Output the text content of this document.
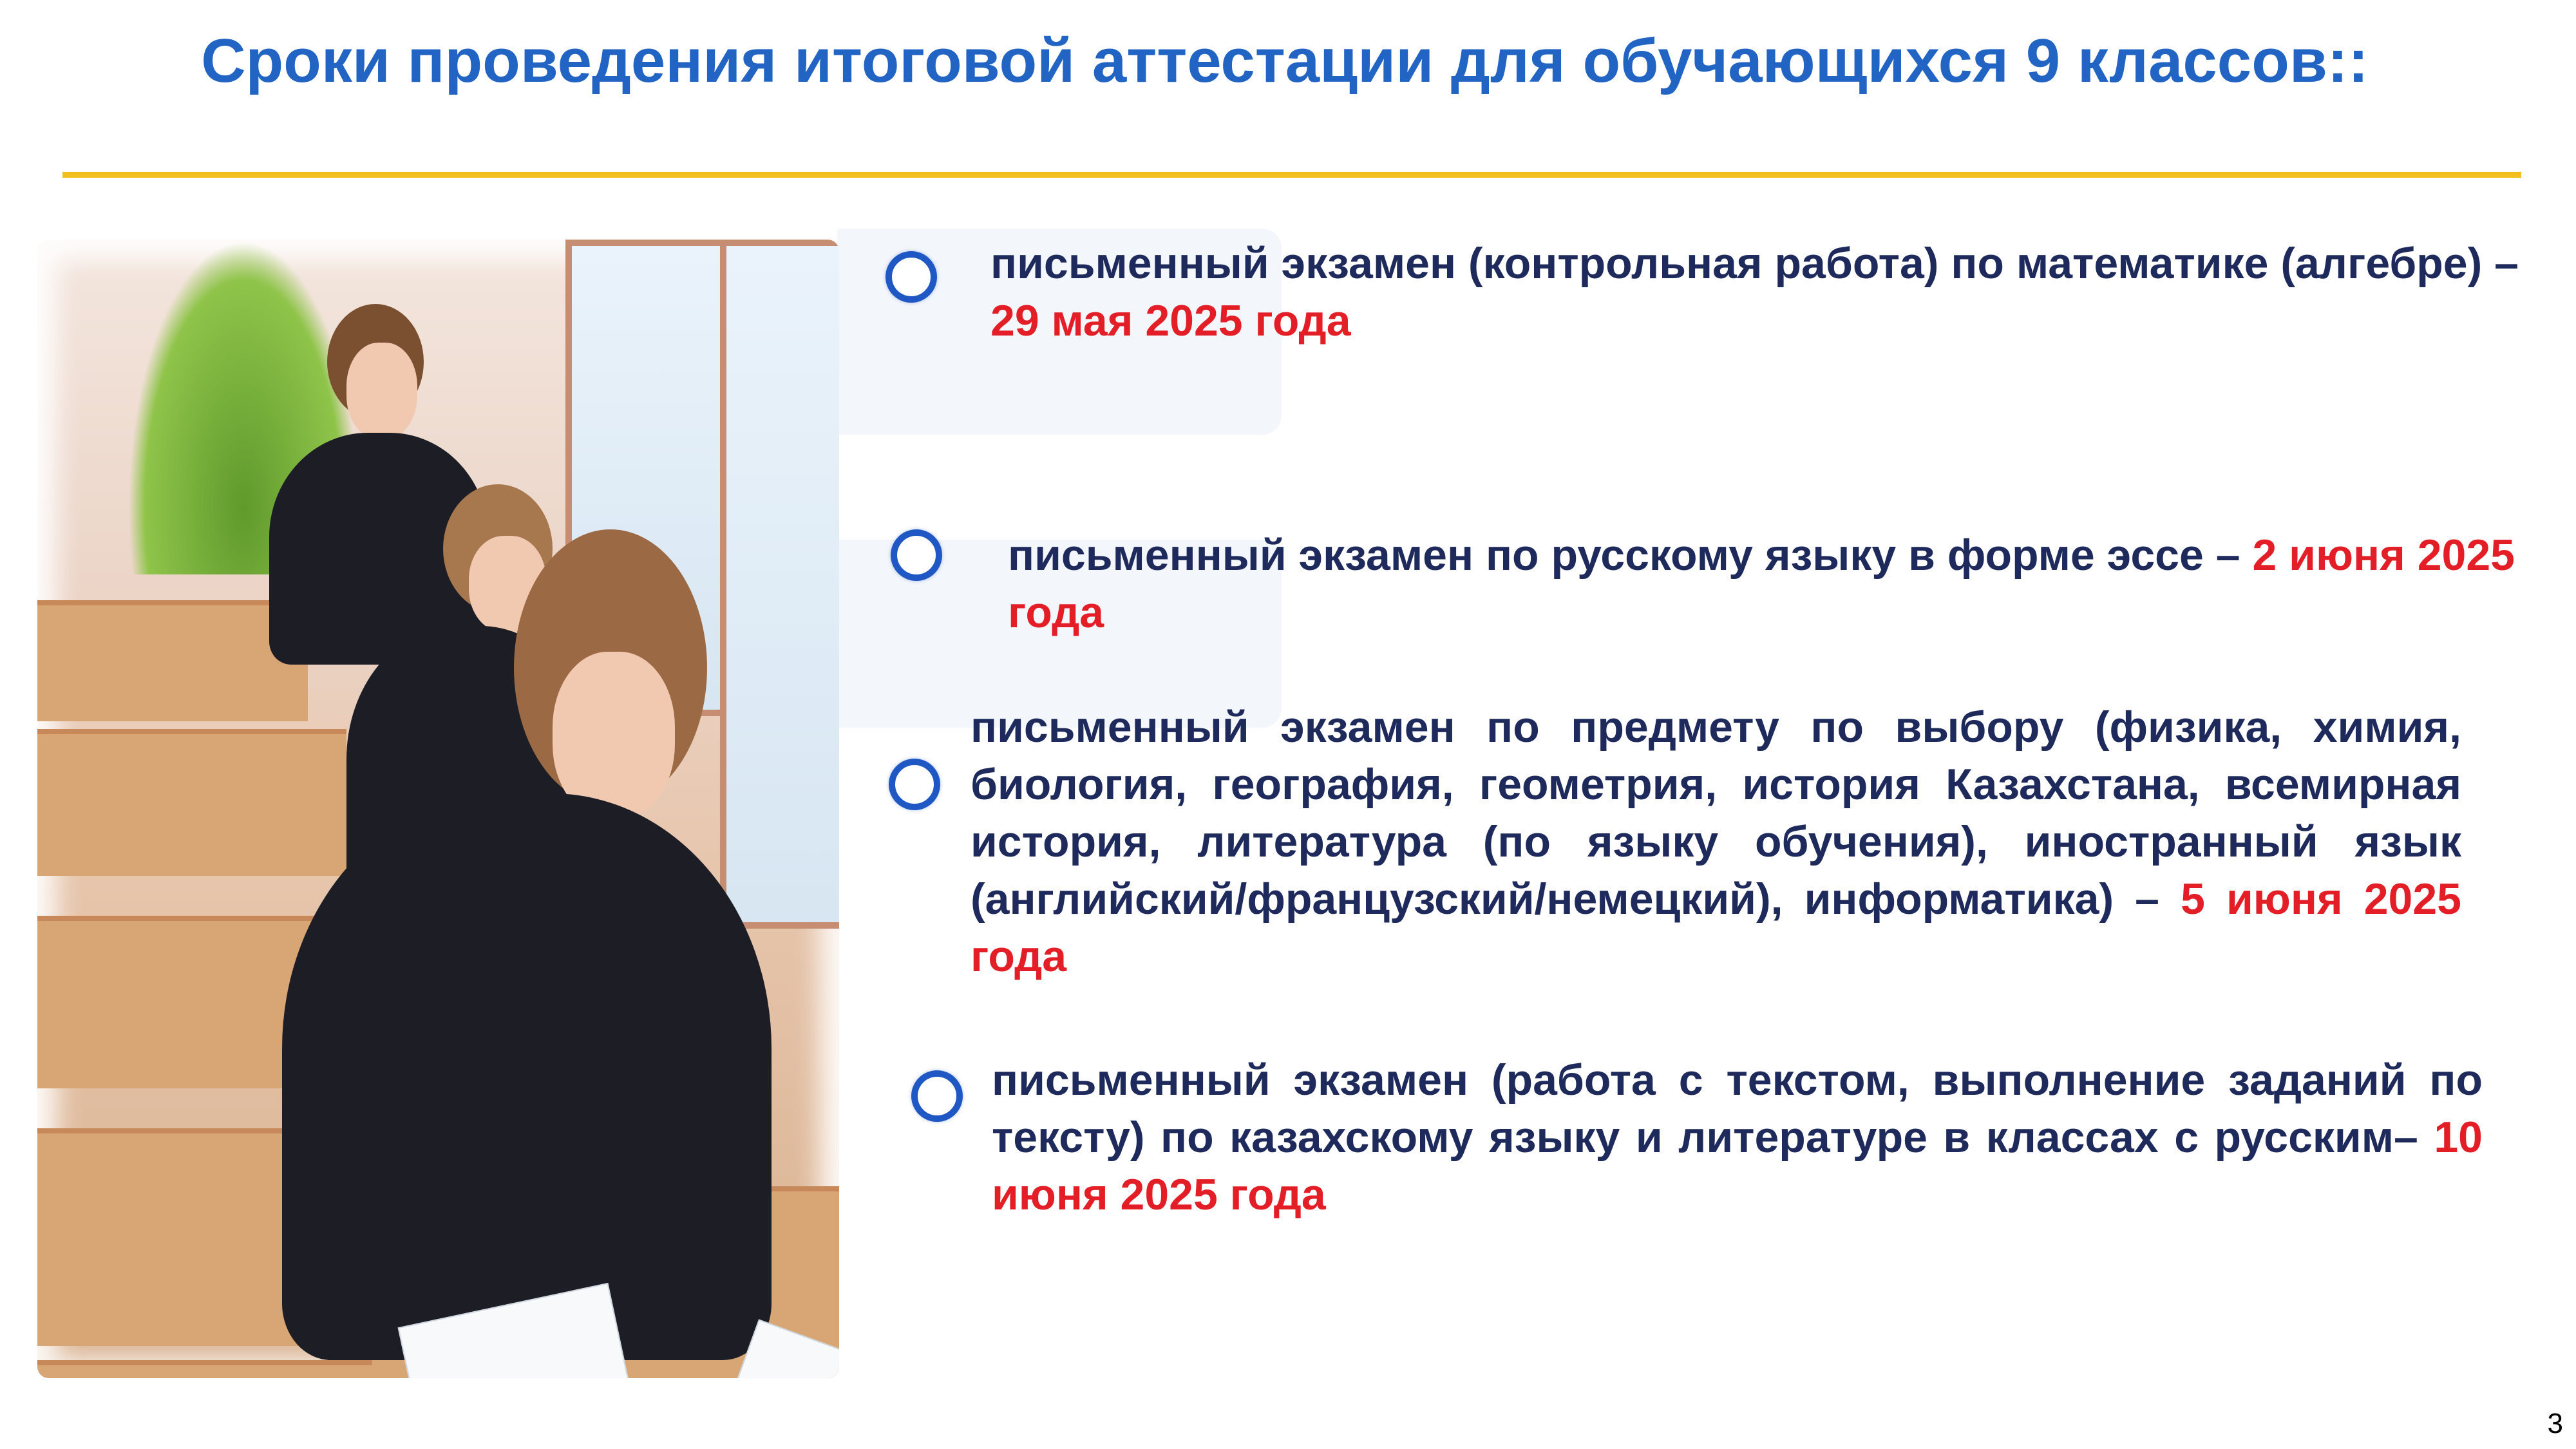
Сроки проведения итоговой аттестации для обучающихся 9 классов::

письменный экзамен (контрольная работа) по математике (алгебре) –
29 мая 2025 года

письменный экзамен по русскому языку в форме эссе – 2 июня 2025 года

письменный экзамен по предмету по выбору (физика, химия, биология, география, геометрия, история Казахстана, всемирная история, литература (по языку обучения), иностранный язык (английский/французский/немецкий), информатика) – 5 июня 2025 года

письменный экзамен (работа с текстом, выполнение заданий по тексту) по казахскому языку и литературе в классах с русским– 10 июня 2025 года

3
